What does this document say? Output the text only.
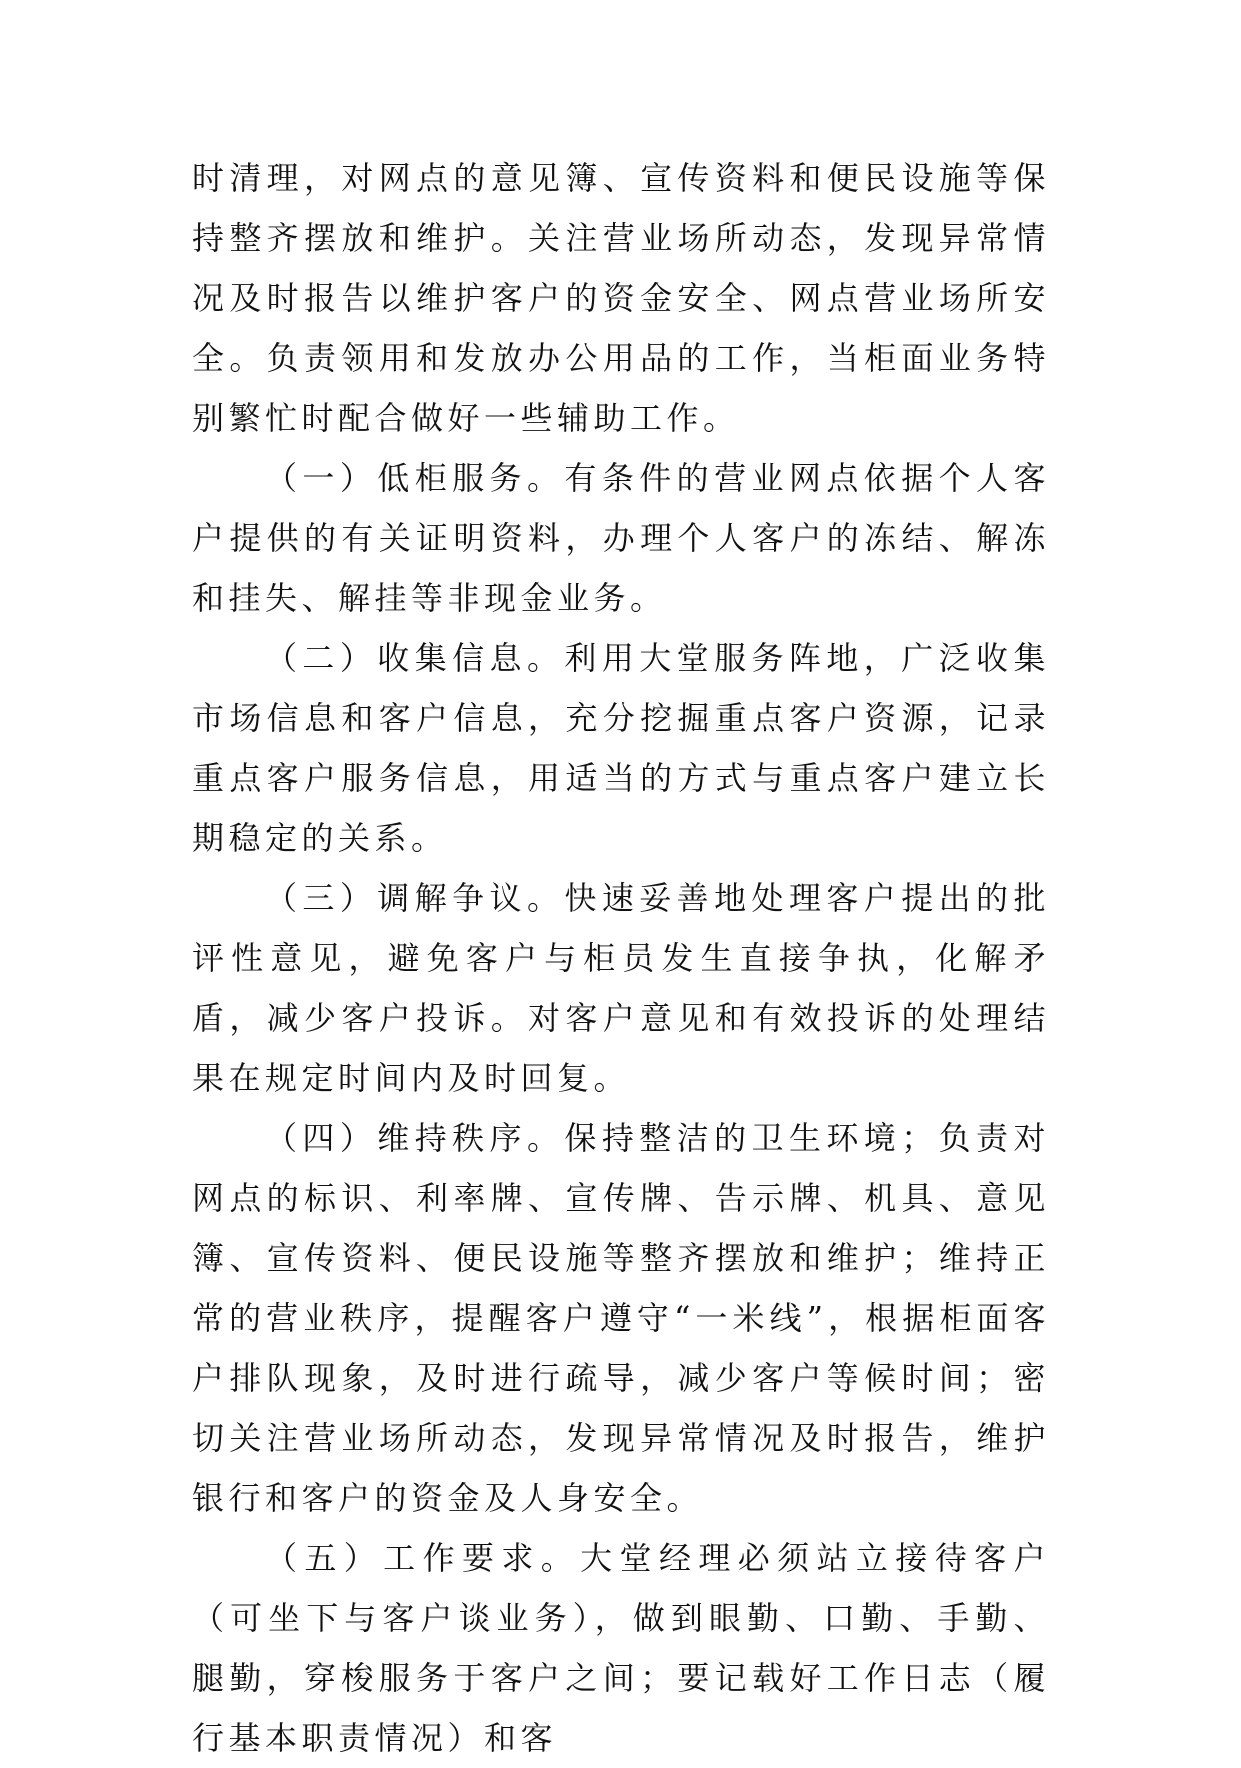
时清理，对网点的意见簿、宣传资料和便民设施等保持整齐摆放和维护。关注营业场所动态，发现异常情况及时报告以维护客户的资金安全、网点营业场所安全。负责领用和发放办公用品的工作，当柜面业务特别繁忙时配合做好一些辅助工作。

（一）低柜服务。有条件的营业网点依据个人客户提供的有关证明资料，办理个人客户的冻结、解冻和挂失、解挂等非现金业务。

（二）收集信息。利用大堂服务阵地，广泛收集市场信息和客户信息，充分挖掘重点客户资源，记录重点客户服务信息，用适当的方式与重点客户建立长期稳定的关系。

（三）调解争议。快速妥善地处理客户提出的批评性意见，避免客户与柜员发生直接争执，化解矛盾，减少客户投诉。对客户意见和有效投诉的处理结果在规定时间内及时回复。

（四）维持秩序。保持整洁的卫生环境；负责对网点的标识、利率牌、宣传牌、告示牌、机具、意见簿、宣传资料、便民设施等整齐摆放和维护；维持正常的营业秩序，提醒客户遵守“一米线”，根据柜面客户排队现象，及时进行疏导，减少客户等候时间；密切关注营业场所动态，发现异常情况及时报告，维护银行和客户的资金及人身安全。

（五）工作要求。大堂经理必须站立接待客户（可坐下与客户谈业务），做到眼勤、口勤、手勤、腿勤，穿梭服务于客户之间；要记载好工作日志（履行基本职责情况）和客
